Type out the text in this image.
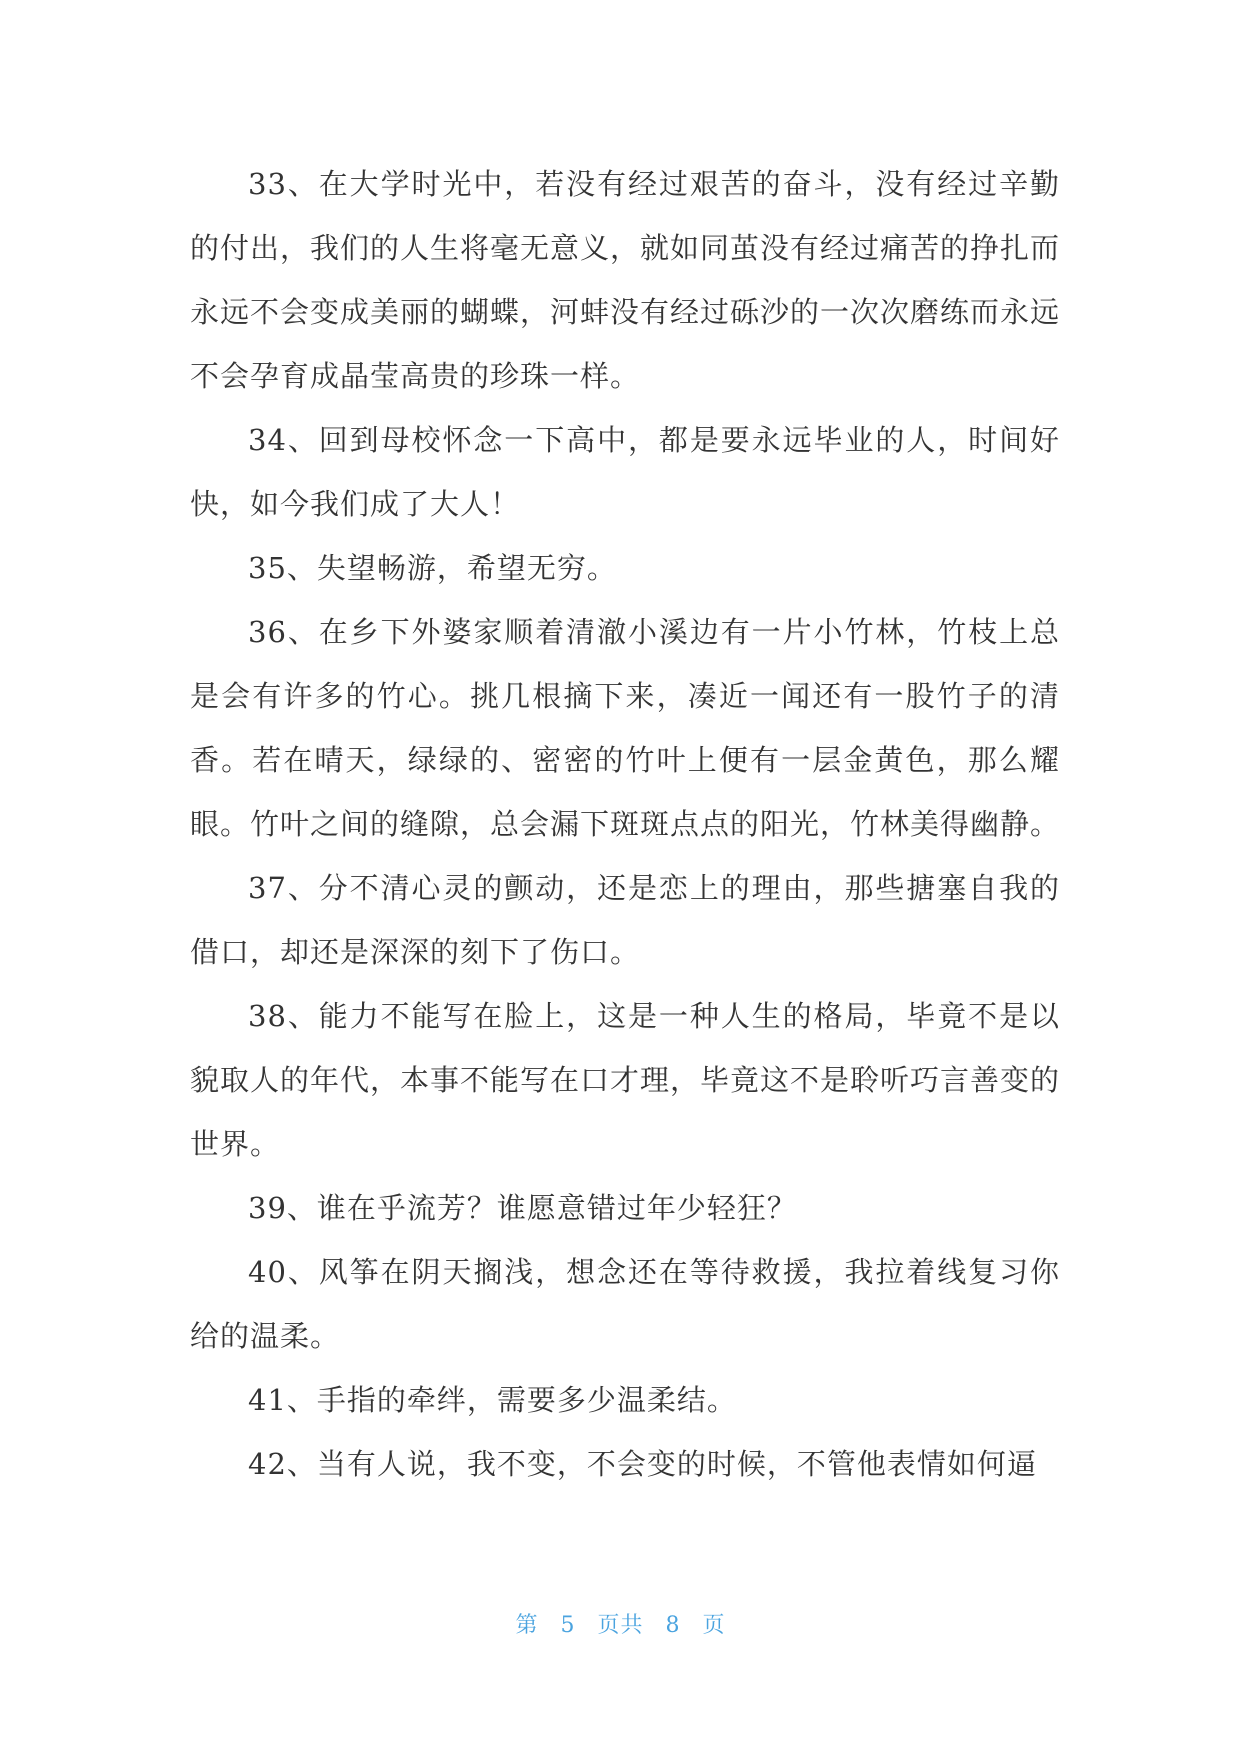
33、在大学时光中，若没有经过艰苦的奋斗，没有经过辛勤的付出，我们的人生将毫无意义，就如同茧没有经过痛苦的挣扎而永远不会变成美丽的蝴蝶，河蚌没有经过砾沙的一次次磨练而永远不会孕育成晶莹高贵的珍珠一样。

34、回到母校怀念一下高中，都是要永远毕业的人，时间好快，如今我们成了大人！

35、失望畅游，希望无穷。

36、在乡下外婆家顺着清澈小溪边有一片小竹林，竹枝上总是会有许多的竹心。挑几根摘下来，凑近一闻还有一股竹子的清香。若在晴天，绿绿的、密密的竹叶上便有一层金黄色，那么耀眼。竹叶之间的缝隙，总会漏下斑斑点点的阳光，竹林美得幽静。

37、分不清心灵的颤动，还是恋上的理由，那些搪塞自我的借口，却还是深深的刻下了伤口。

38、能力不能写在脸上，这是一种人生的格局，毕竟不是以貌取人的年代，本事不能写在口才理，毕竟这不是聆听巧言善变的世界。

39、谁在乎流芳？谁愿意错过年少轻狂？

40、风筝在阴天搁浅，想念还在等待救援，我拉着线复习你给的温柔。

41、手指的牵绊，需要多少温柔结。

42、当有人说，我不变，不会变的时候，不管他表情如何逼

第 5 页共 8 页
